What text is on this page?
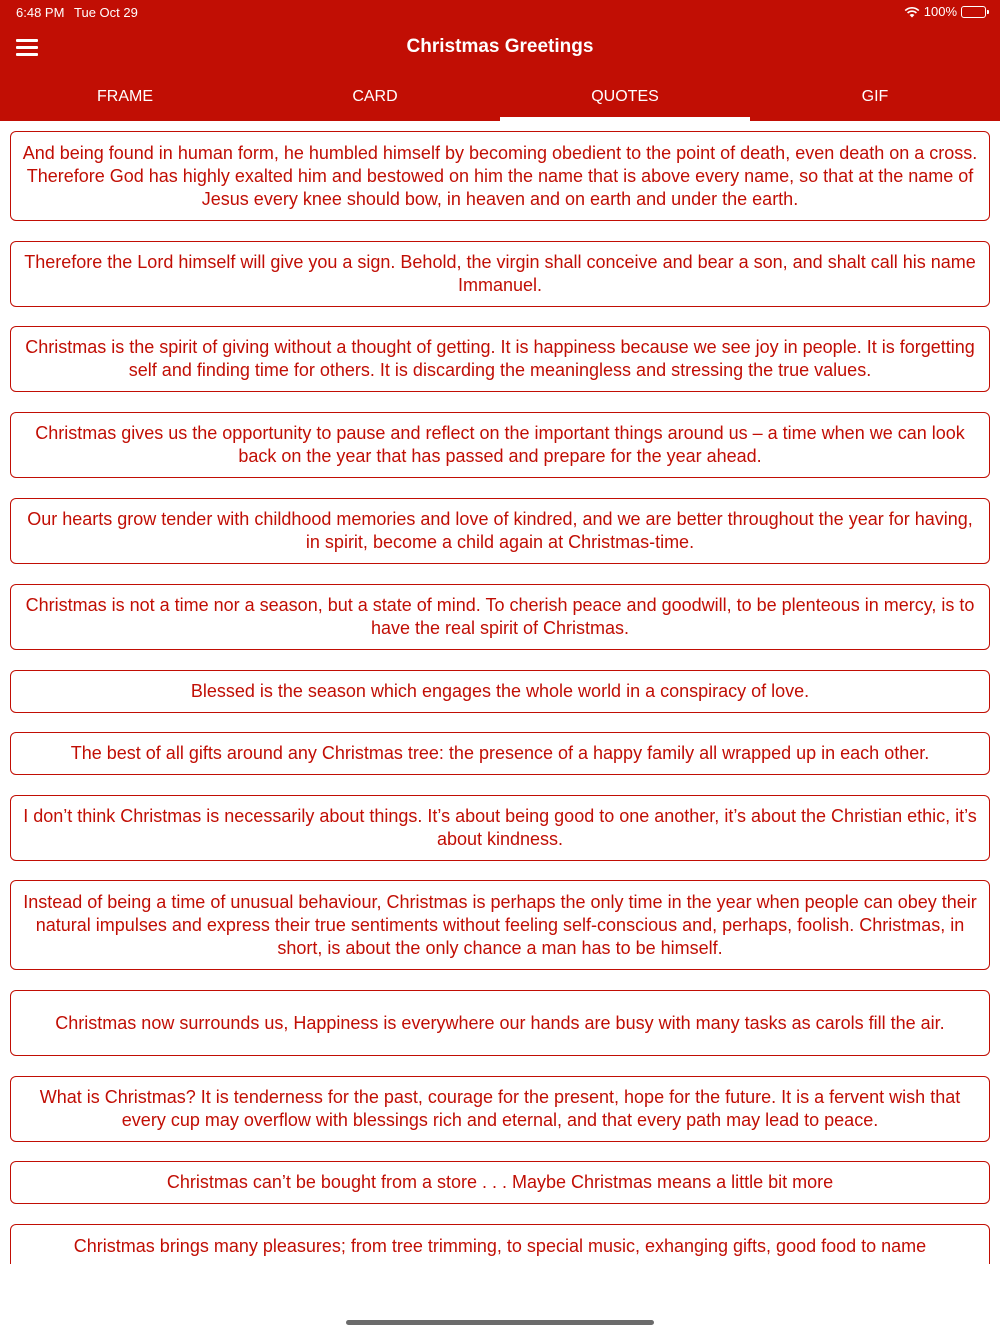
6:48 PM Tue Oct 29	100%
Christmas Greetings
FRAME	CARD	QUOTES	GIF
And being found in human form, he humbled himself by becoming obedient to the point of death, even death on a cross. Therefore God has highly exalted him and bestowed on him the name that is above every name, so that at the name of Jesus every knee should bow, in heaven and on earth and under the earth.
Therefore the Lord himself will give you a sign. Behold, the virgin shall conceive and bear a son, and shalt call his name Immanuel.
Christmas is the spirit of giving without a thought of getting. It is happiness because we see joy in people. It is forgetting self and finding time for others. It is discarding the meaningless and stressing the true values.
Christmas gives us the opportunity to pause and reflect on the important things around us – a time when we can look back on the year that has passed and prepare for the year ahead.
Our hearts grow tender with childhood memories and love of kindred, and we are better throughout the year for having, in spirit, become a child again at Christmas-time.
Christmas is not a time nor a season, but a state of mind. To cherish peace and goodwill, to be plenteous in mercy, is to have the real spirit of Christmas.
Blessed is the season which engages the whole world in a conspiracy of love.
The best of all gifts around any Christmas tree: the presence of a happy family all wrapped up in each other.
I don’t think Christmas is necessarily about things. It’s about being good to one another, it’s about the Christian ethic, it’s about kindness.
Instead of being a time of unusual behaviour, Christmas is perhaps the only time in the year when people can obey their natural impulses and express their true sentiments without feeling self-conscious and, perhaps, foolish. Christmas, in short, is about the only chance a man has to be himself.
Christmas now surrounds us, Happiness is everywhere our hands are busy with many tasks as carols fill the air.
What is Christmas? It is tenderness for the past, courage for the present, hope for the future. It is a fervent wish that every cup may overflow with blessings rich and eternal, and that every path may lead to peace.
Christmas can’t be bought from a store . . . Maybe Christmas means a little bit more
Christmas brings many pleasures; from tree trimming, to special music, exhanging gifts, good food to name
